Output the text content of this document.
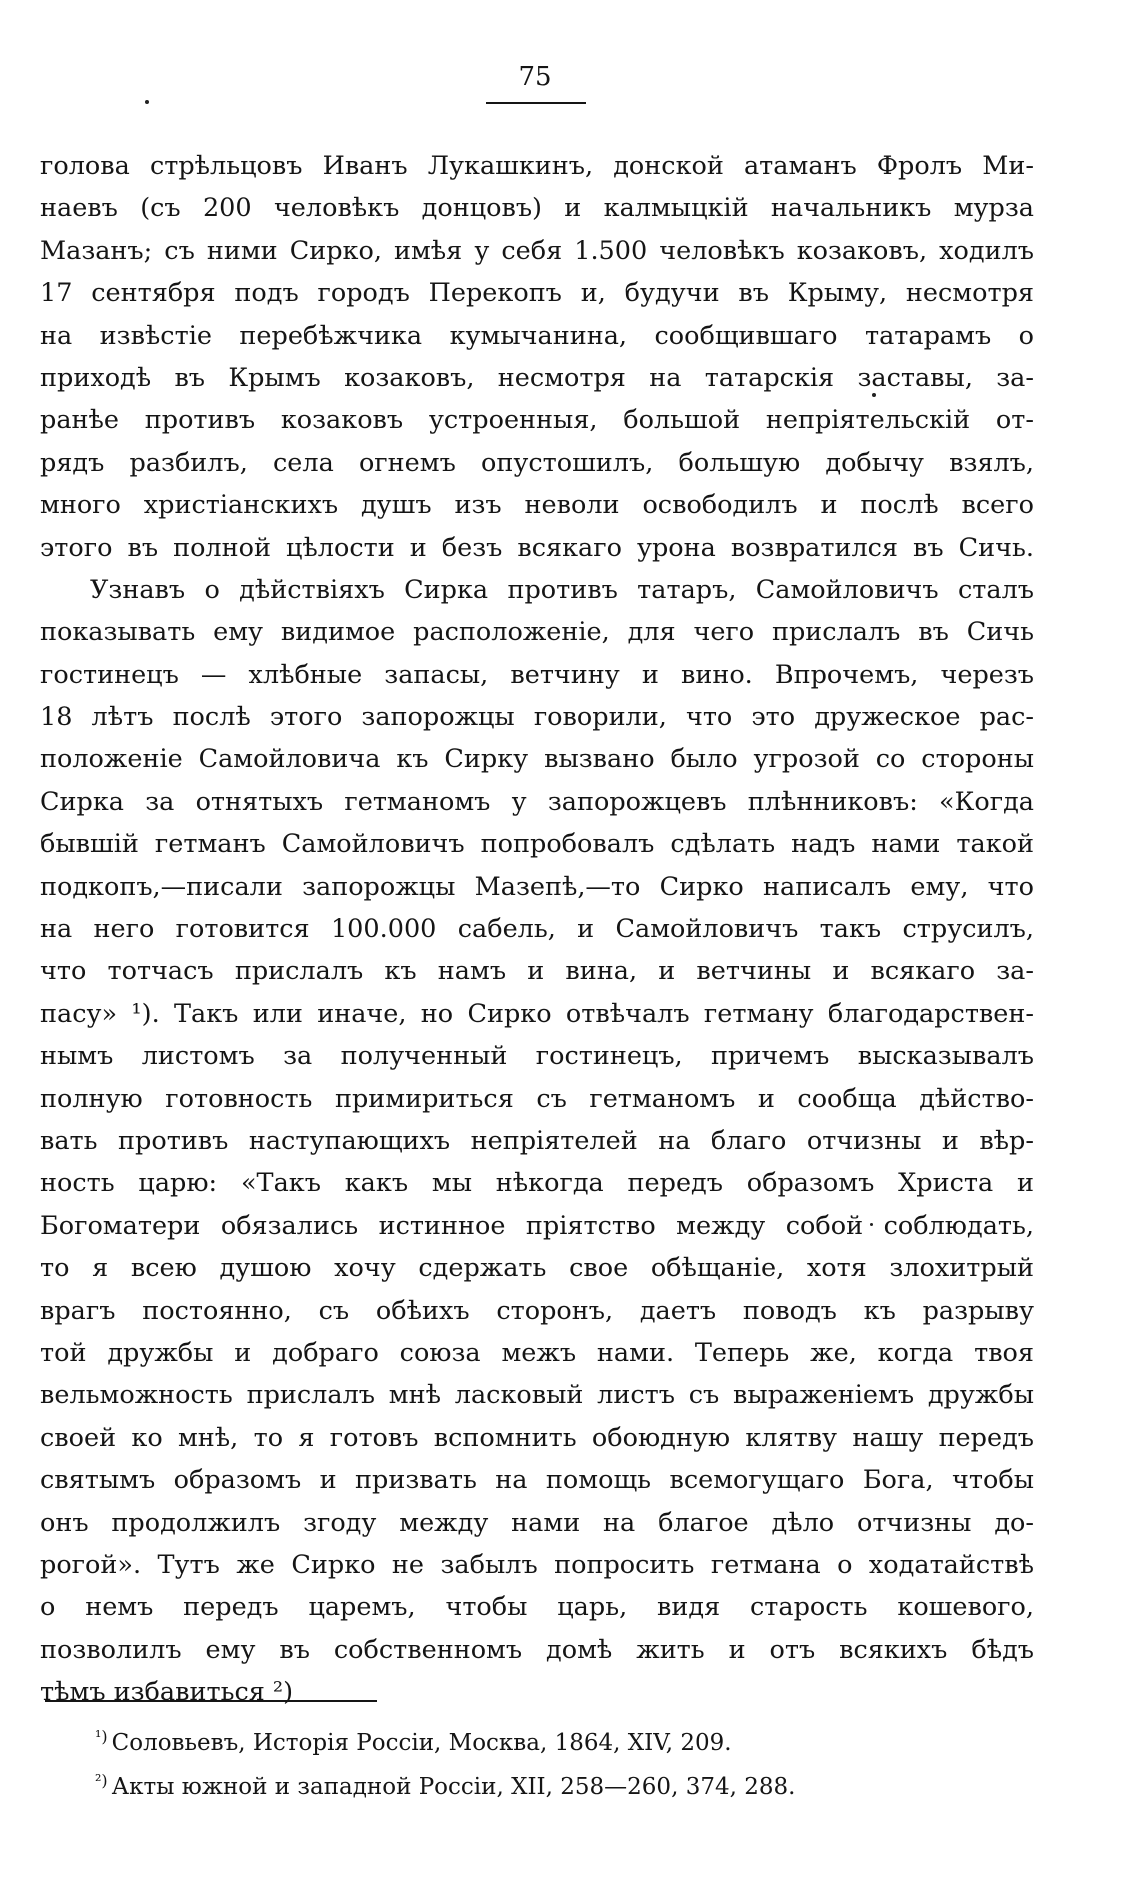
75
голова стрѣльцовъ Иванъ Лукашкинъ, донской атаманъ Фролъ Ми-
наевъ (съ 200 человѣкъ донцовъ) и калмыцкій начальникъ мурза
Мазанъ; съ ними Сирко, имѣя у себя 1.500 человѣкъ козаковъ, ходилъ
17 сентября подъ городъ Перекопъ и, будучи въ Крыму, несмотря
на извѣстіе перебѣжчика кумычанина, сообщившаго татарамъ о
приходѣ въ Крымъ козаковъ, несмотря на татарскія заставы, за-
ранѣе противъ козаковъ устроенныя, большой непріятельскій от-
рядъ разбилъ, села огнемъ опустошилъ, большую добычу взялъ,
много христіанскихъ душъ изъ неволи освободилъ и послѣ всего
этого въ полной цѣлости и безъ всякаго урона возвратился въ Сичь.
Узнавъ о дѣйствіяхъ Сирка противъ татаръ, Самойловичъ сталъ
показывать ему видимое расположеніе, для чего прислалъ въ Сичь
гостинецъ — хлѣбные запасы, ветчину и вино. Впрочемъ, черезъ
18 лѣтъ послѣ этого запорожцы говорили, что это дружеское рас-
положеніе Самойловича къ Сирку вызвано было угрозой со стороны
Сирка за отнятыхъ гетманомъ у запорожцевъ плѣнниковъ: «Когда
бывшій гетманъ Самойловичъ попробовалъ сдѣлать надъ нами такой
подкопъ,—писали запорожцы Мазепѣ,—то Сирко написалъ ему, что
на него готовится 100.000 сабель, и Самойловичъ такъ струсилъ,
что тотчасъ прислалъ къ намъ и вина, и ветчины и всякаго за-
пасу» ¹). Такъ или иначе, но Сирко отвѣчалъ гетману благодарствен-
нымъ листомъ за полученный гостинецъ, причемъ высказывалъ
полную готовность примириться съ гетманомъ и сообща дѣйство-
вать противъ наступающихъ непріятелей на благо отчизны и вѣр-
ность царю: «Такъ какъ мы нѣкогда передъ образомъ Христа и
Богоматери обязались истинное пріятство между собой соблюдать,
то я всею душою хочу сдержать свое обѣщаніе, хотя злохитрый
врагъ постоянно, съ обѣихъ сторонъ, даетъ поводъ къ разрыву
той дружбы и добраго союза межъ нами. Теперь же, когда твоя
вельможность прислалъ мнѣ ласковый листъ съ выраженіемъ дружбы
своей ко мнѣ, то я готовъ вспомнить обоюдную клятву нашу передъ
святымъ образомъ и призвать на помощь всемогущаго Бога, чтобы
онъ продолжилъ згоду между нами на благое дѣло отчизны до-
рогой». Тутъ же Сирко не забылъ попросить гетмана о ходатайствѣ
о немъ передъ царемъ, чтобы царь, видя старость кошевого,
позволилъ ему въ собственномъ домѣ жить и отъ всякихъ бѣдъ
тѣмъ избавиться ²)
$^{^1)}$ Соловьевъ, Исторія Россіи, Москва, 1864, XIV, 209.
$^{^2)}$ Акты южной и западной Россіи, XII, 258—260, 374, 288.
